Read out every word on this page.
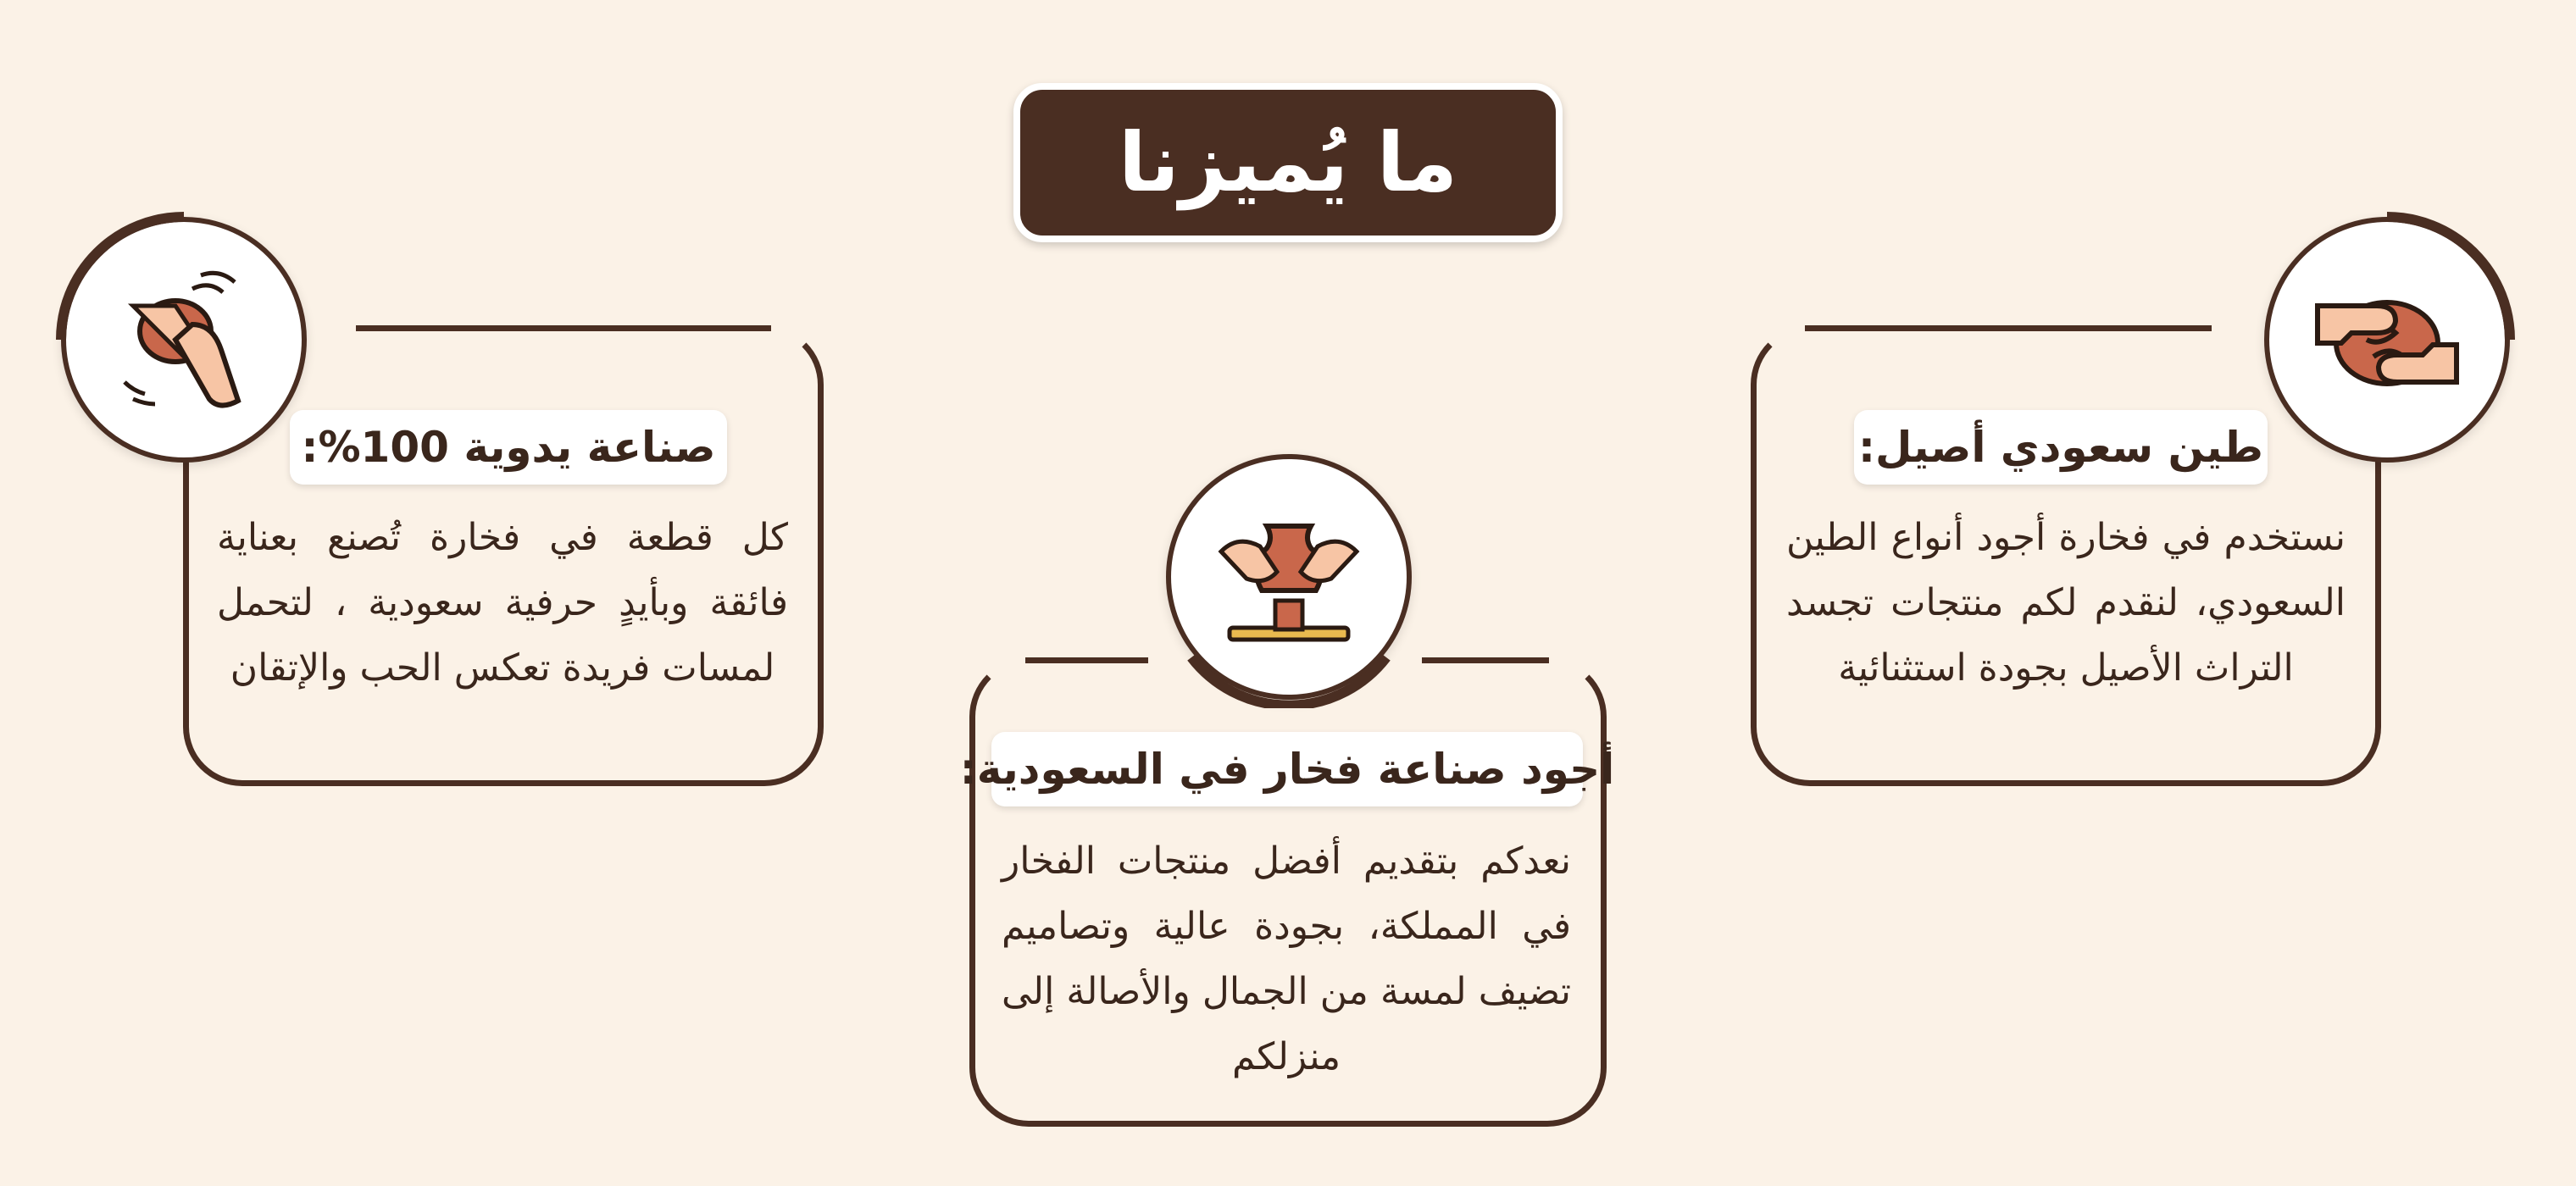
ما يُميزنا
طين سعودي أصيل:
نستخدم في فخارة أجود أنواع الطين السعودي، لنقدم لكم منتجات تجسد التراث الأصيل بجودة استثنائية
أجود صناعة فخار في السعودية:
نعدكم بتقديم أفضل منتجات الفخار في المملكة، بجودة عالية وتصاميم تضيف لمسة من الجمال والأصالة إلى منزلكم
صناعة يدوية 100%:
كل قطعة في فخارة تُصنع بعناية فائقة وبأيدٍ حرفية سعودية ، لتحمل لمسات فريدة تعكس الحب والإتقان
